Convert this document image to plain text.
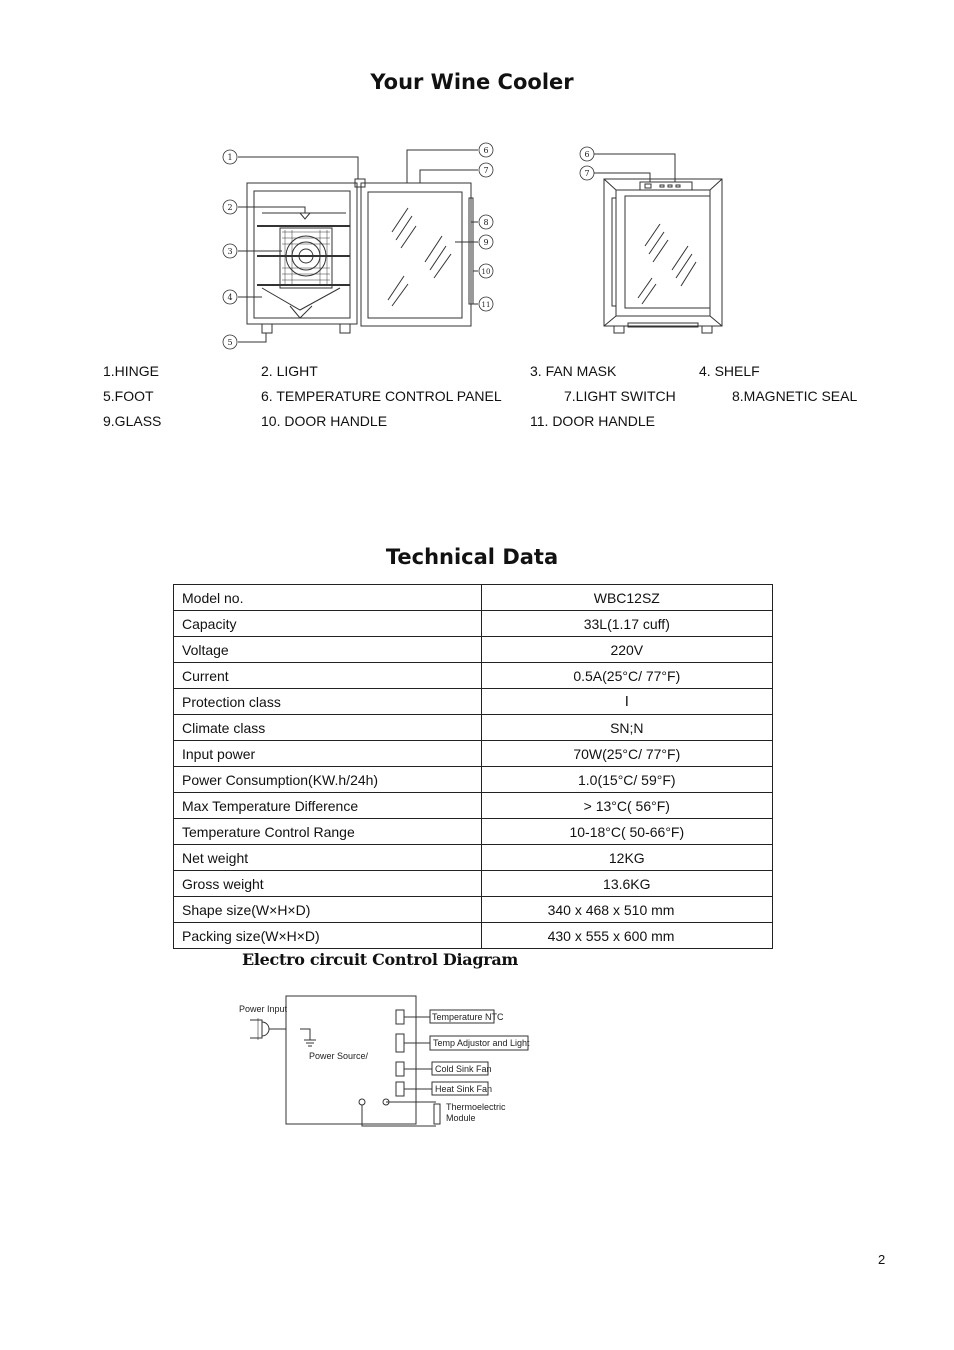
Your Wine Cooler
1
2
3
4
5
6
7
8
9
10
11
6
7
1.HINGE	2. LIGHT	3. FAN MASK	4. SHELF
5.FOOT	6. TEMPERATURE CONTROL PANEL	7.LIGHT SWITCH	8.MAGNETIC SEAL
9.GLASS	10. DOOR HANDLE	11. DOOR HANDLE
Technical Data
Model no.	WBC12SZ
Capacity	33L(1.17 cuff)
Voltage	220V
Current	0.5A(25°C/ 77°F)
Protection class	Ⅰ
Climate class	SN;N
Input power	70W(25°C/ 77°F)
Power Consumption(KW.h/24h)	1.0(15°C/ 59°F)
Max Temperature Difference	> 13°C( 56°F)
Temperature Control Range	10-18°C( 50-66°F)
Net weight	12KG
Gross weight	13.6KG
Shape size(W×H×D)	340 x 468 x 510 mm
Packing size(W×H×D)	430 x 555 x 600 mm
Electro circuit Control Diagram
Power Input
Power Source/
Temperature NTC
Temp Adjustor and Light
Cold Sink Fan
Heat Sink Fan
Thermoelectric
Module
2
